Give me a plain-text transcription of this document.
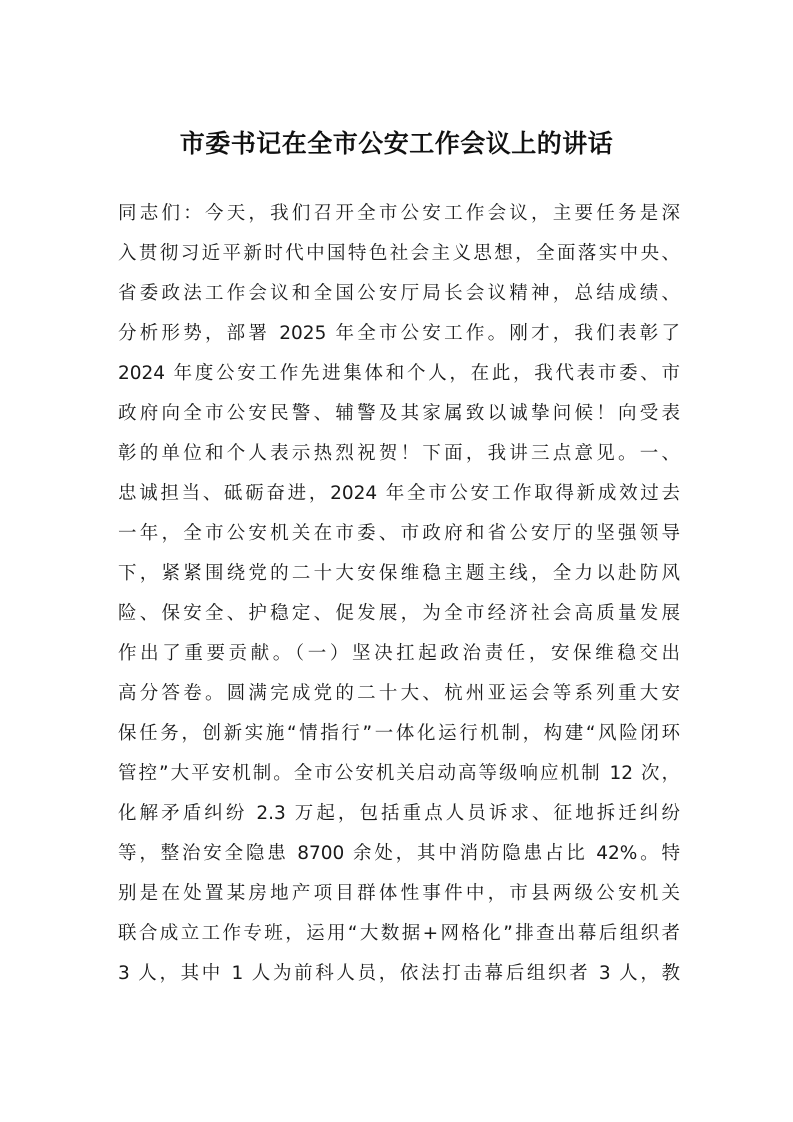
市委书记在全市公安工作会议上的讲话
同志们：今天，我们召开全市公安工作会议，主要任务是深
入贯彻习近平新时代中国特色社会主义思想，全面落实中央、
省委政法工作会议和全国公安厅局长会议精神，总结成绩、
分析形势，部署 2025 年全市公安工作。刚才，我们表彰了
2024 年度公安工作先进集体和个人，在此，我代表市委、市
政府向全市公安民警、辅警及其家属致以诚挚问候！向受表
彰的单位和个人表示热烈祝贺！下面，我讲三点意见。一、
忠诚担当、砥砺奋进，2024 年全市公安工作取得新成效过去
一年，全市公安机关在市委、市政府和省公安厅的坚强领导
下，紧紧围绕党的二十大安保维稳主题主线，全力以赴防风
险、保安全、护稳定、促发展，为全市经济社会高质量发展
作出了重要贡献。（一）坚决扛起政治责任，安保维稳交出
高分答卷。圆满完成党的二十大、杭州亚运会等系列重大安
保任务，创新实施“情指行”一体化运行机制，构建“风险闭环
管控”大平安机制。全市公安机关启动高等级响应机制 12 次，
化解矛盾纠纷 2.3 万起，包括重点人员诉求、征地拆迁纠纷
等，整治安全隐患 8700 余处，其中消防隐患占比 42%。特
别是在处置某房地产项目群体性事件中，市县两级公安机关
联合成立工作专班，运用“大数据+网格化”排查出幕后组织者
3 人，其中 1 人为前科人员，依法打击幕后组织者 3 人，教
